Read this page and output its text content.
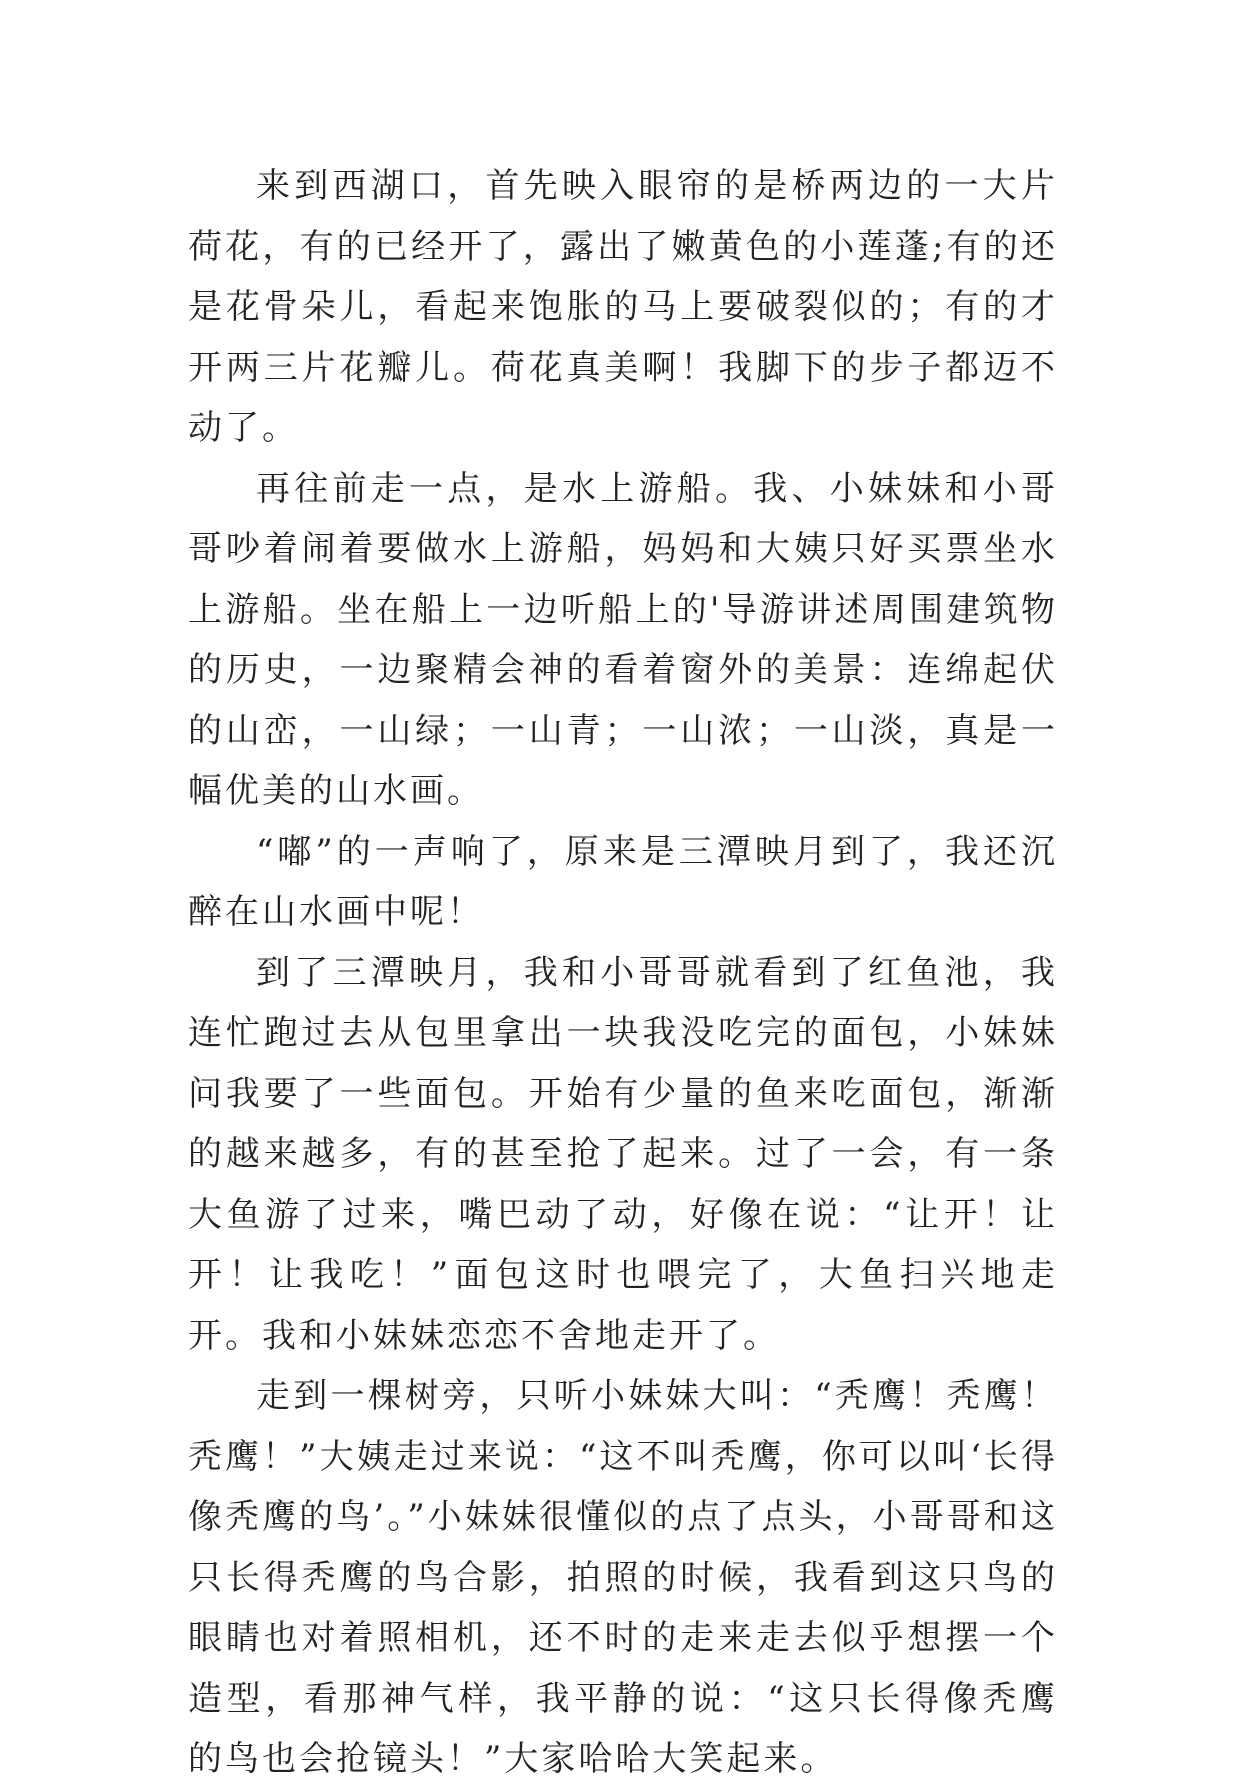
来到西湖口，首先映入眼帘的是桥两边的一大片荷花，有的已经开了，露出了嫩黄色的小莲蓬;有的还是花骨朵儿，看起来饱胀的马上要破裂似的；有的才开两三片花瓣儿。荷花真美啊！我脚下的步子都迈不动了。

再往前走一点，是水上游船。我、小妹妹和小哥哥吵着闹着要做水上游船，妈妈和大姨只好买票坐水上游船。坐在船上一边听船上的'导游讲述周围建筑物的历史，一边聚精会神的看着窗外的美景：连绵起伏的山峦，一山绿；一山青；一山浓；一山淡，真是一幅优美的山水画。

“嘟”的一声响了，原来是三潭映月到了，我还沉醉在山水画中呢！

到了三潭映月，我和小哥哥就看到了红鱼池，我连忙跑过去从包里拿出一块我没吃完的面包，小妹妹问我要了一些面包。开始有少量的鱼来吃面包，渐渐的越来越多，有的甚至抢了起来。过了一会，有一条大鱼游了过来，嘴巴动了动，好像在说：“让开！让开！让我吃！”面包这时也喂完了，大鱼扫兴地走开。我和小妹妹恋恋不舍地走开了。

走到一棵树旁，只听小妹妹大叫：“秃鹰！秃鹰！秃鹰！”大姨走过来说：“这不叫秃鹰，你可以叫‘长得像秃鹰的鸟’。”小妹妹很懂似的点了点头，小哥哥和这只长得秃鹰的鸟合影，拍照的时候，我看到这只鸟的眼睛也对着照相机，还不时的走来走去似乎想摆一个造型，看那神气样，我平静的说：“这只长得像秃鹰的鸟也会抢镜头！”大家哈哈大笑起来。
